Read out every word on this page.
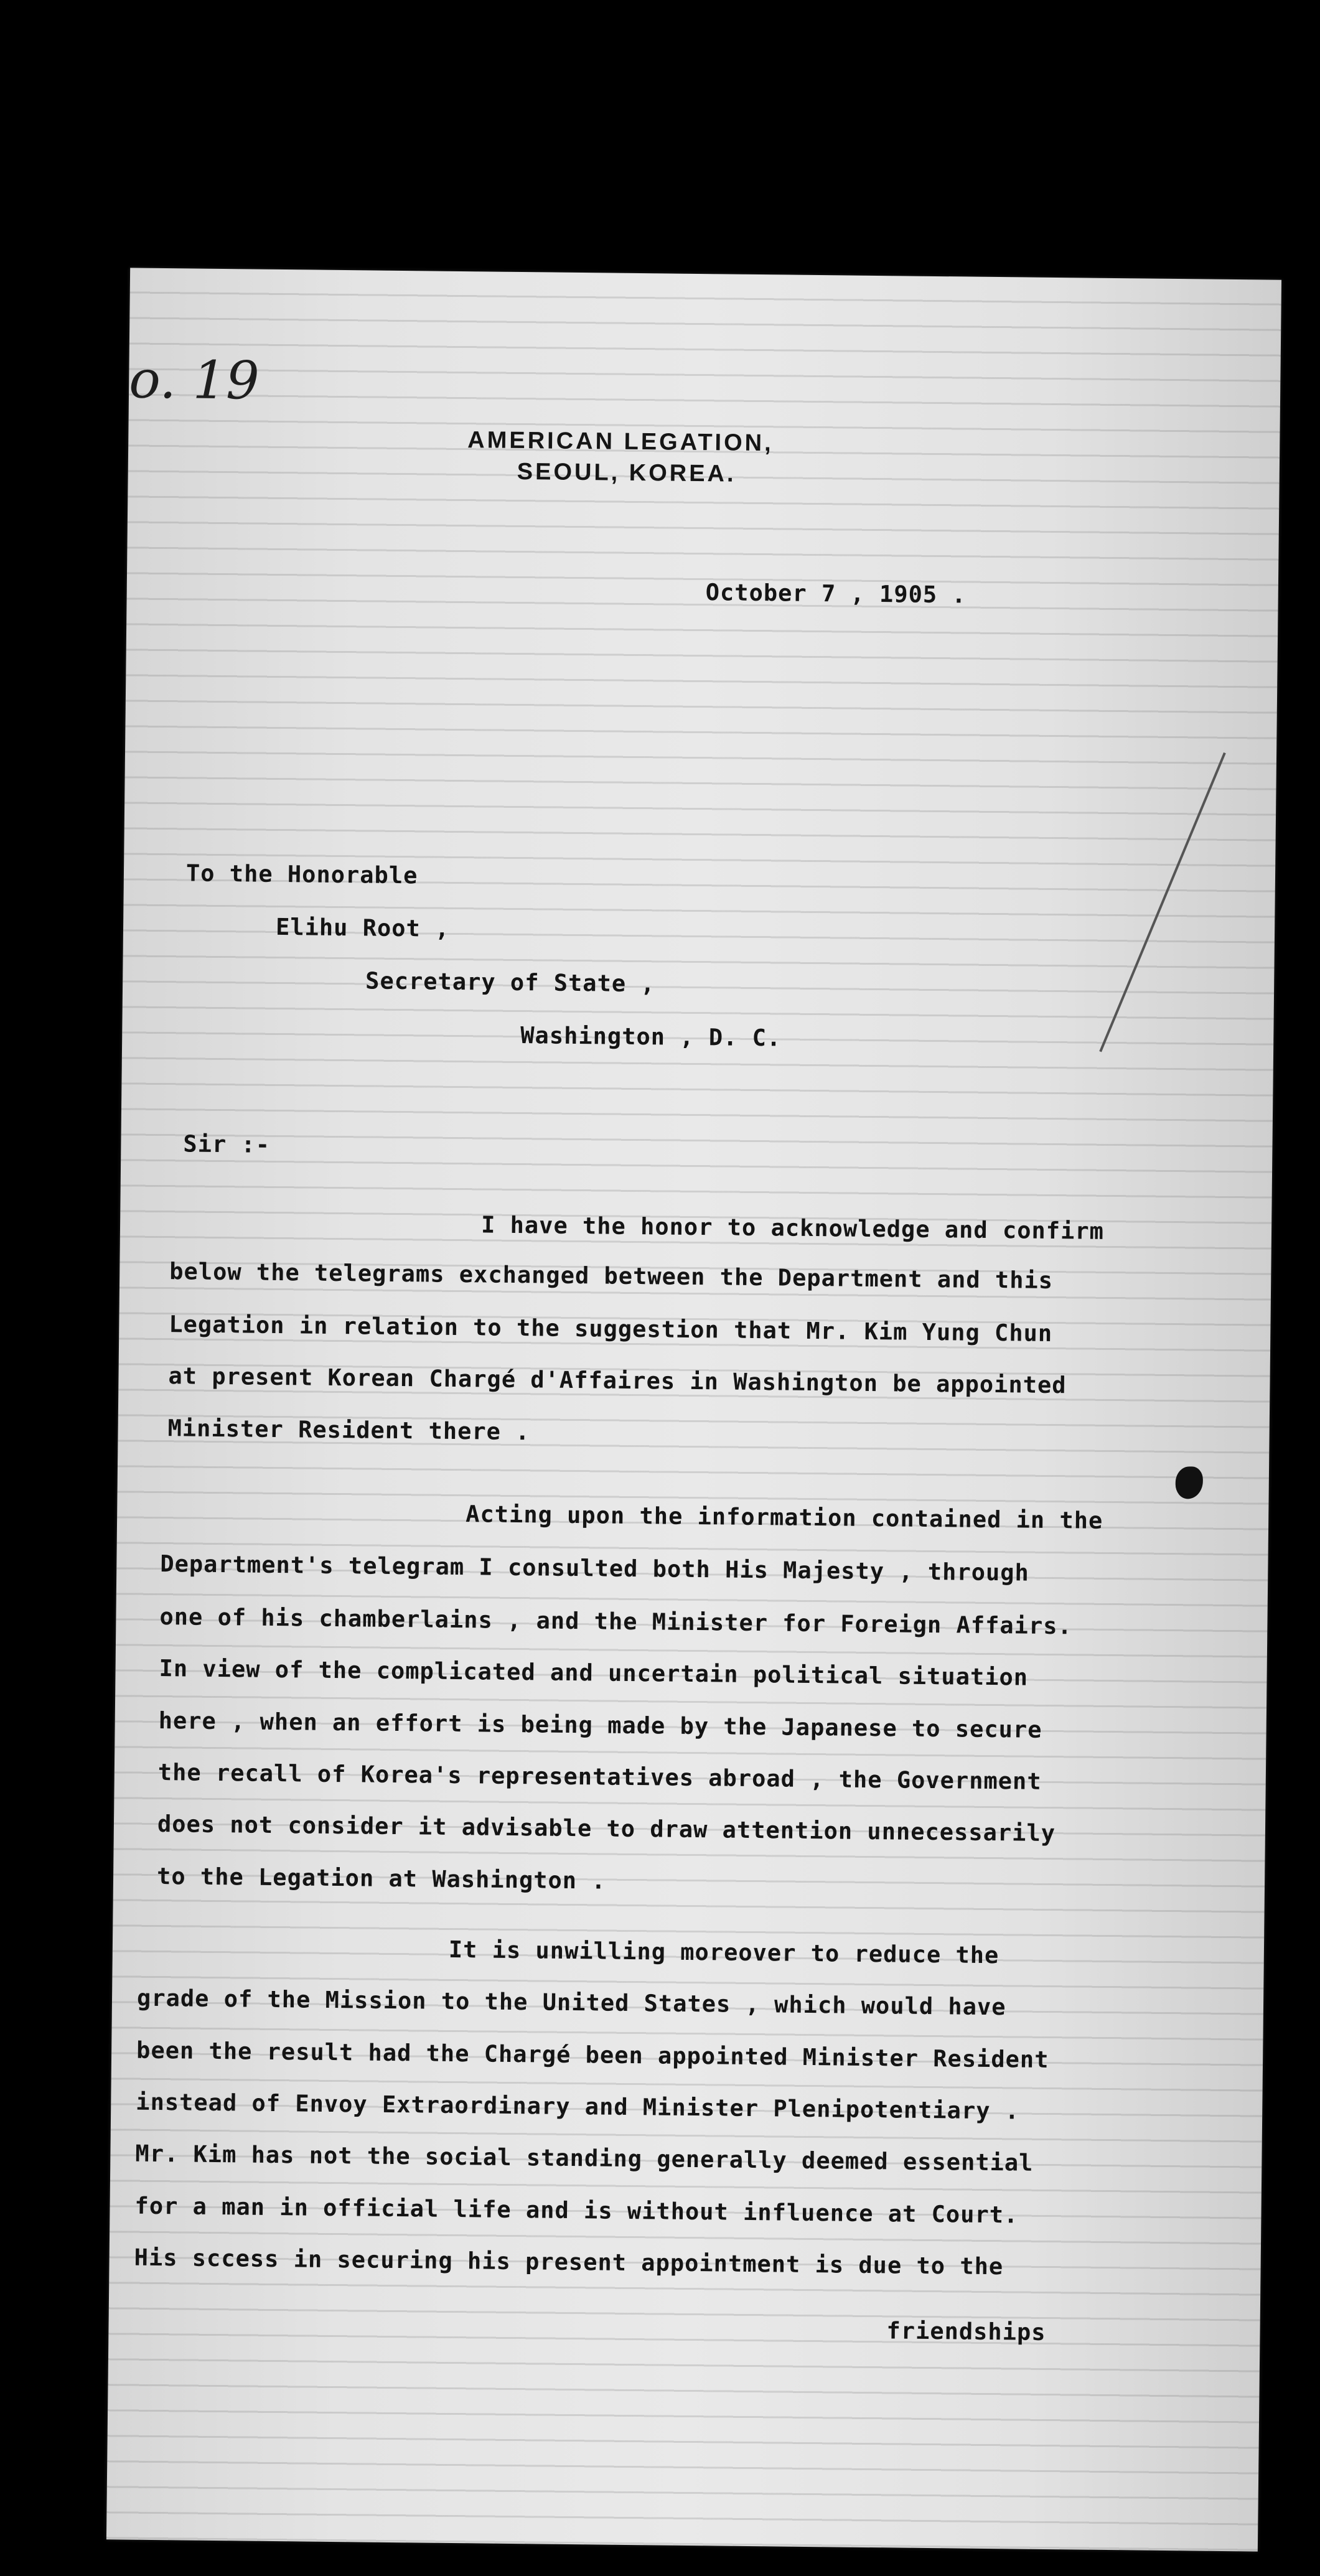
o. 19
AMERICAN LEGATION,
SEOUL, KOREA.
October 7 , 1905 .
To the Honorable
Elihu Root ,
Secretary of State ,
Washington , D. C.
Sir :-
I have the honor to acknowledge and confirm
below the telegrams exchanged between the Department and this
Legation in relation to the suggestion that Mr. Kim Yung Chun
at present Korean Chargé d'Affaires in Washington be appointed
Minister Resident there .
Acting upon the information contained in the
Department's telegram I consulted both His Majesty , through
one of his chamberlains , and the Minister for Foreign Affairs.
In view of the complicated and uncertain political situation
here , when an effort is being made by the Japanese to secure
the recall of Korea's representatives abroad , the Government
does not consider it advisable to draw attention unnecessarily
to the Legation at Washington .
It is unwilling moreover to reduce the
grade of the Mission to the United States , which would have
been the result had the Chargé been appointed Minister Resident
instead of Envoy Extraordinary and Minister Plenipotentiary .
Mr. Kim has not the social standing generally deemed essential
for a man in official life and is without influence at Court.
His sccess in securing his present appointment is due to the
friendships
